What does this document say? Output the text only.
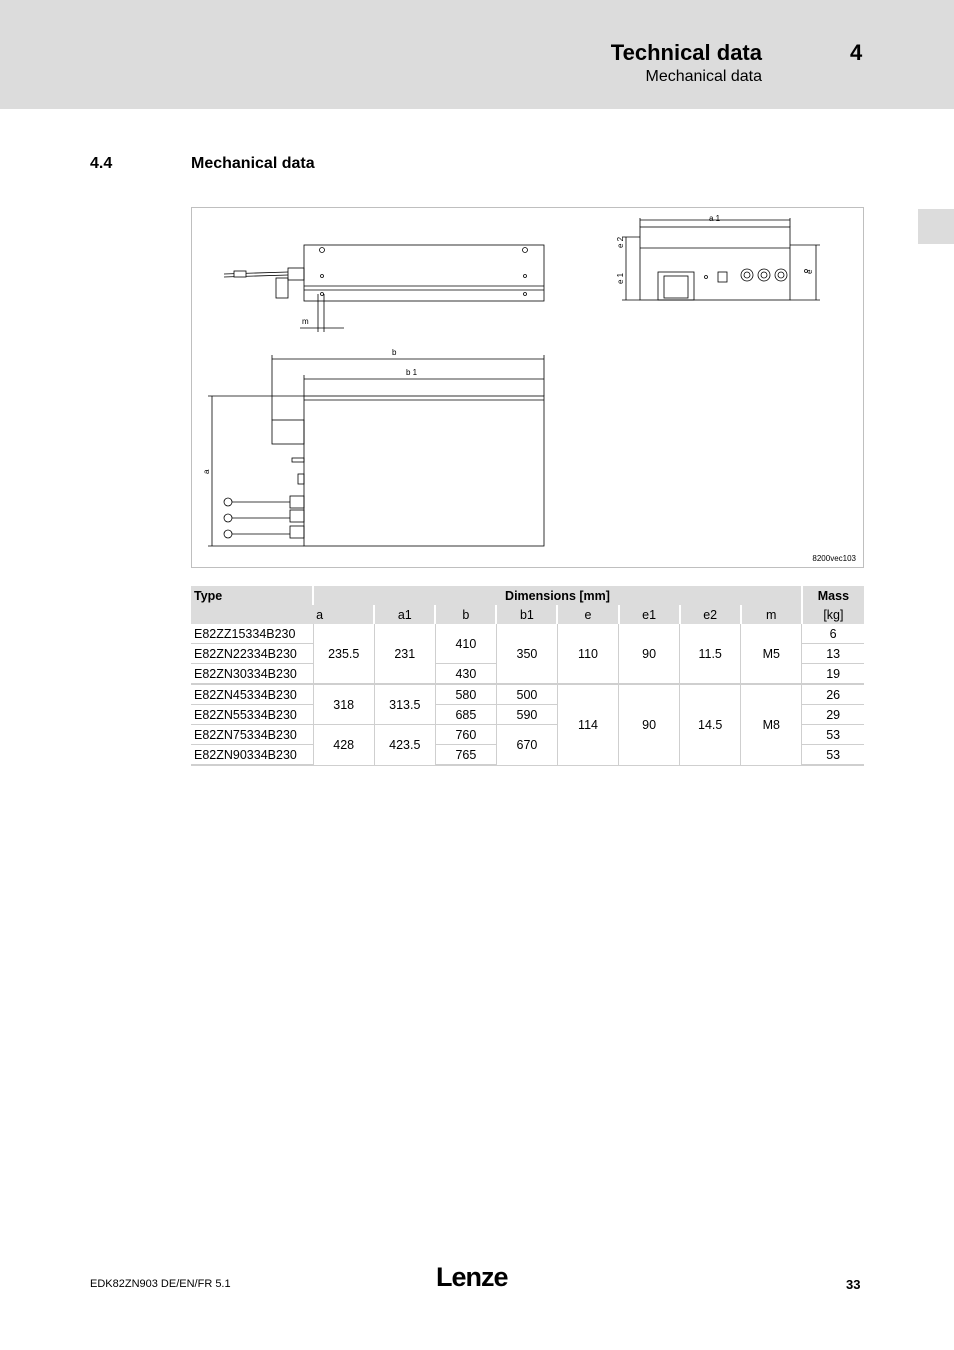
Technical data
Mechanical data
4
4.4	Mechanical data
m
b
b 1
a
a 1
e 2
e 1
e
8200vec103
Type	Dimensions [mm]								Mass
	a	a1	b	b1	e	e1	e2	m	[kg]
E82ZZ15334B230	235.5	231	410	350	110	90	11.5	M5	6
E82ZN22334B230									13
E82ZN30334B230			430						19
E82ZN45334B230	318	313.5	580	500	114	90	14.5	M8	26
E82ZN55334B230			685	590					29
E82ZN75334B230	428	423.5	760	670					53
E82ZN90334B230			765						53
EDK82ZN903 DE/EN/FR 5.1	Lenze	33
